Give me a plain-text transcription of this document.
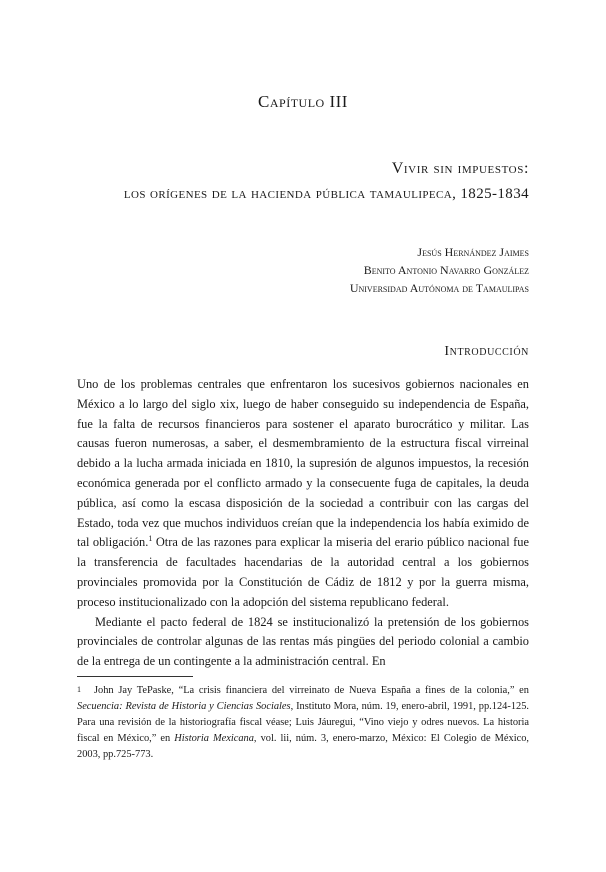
Capítulo III
Vivir sin impuestos:
los orígenes de la hacienda pública tamaulipeca, 1825-1834
Jesús Hernández Jaimes
Benito Antonio Navarro González
Universidad Autónoma de Tamaulipas
Introducción

Uno de los problemas centrales que enfrentaron los sucesivos gobiernos nacionales en México a lo largo del siglo xix, luego de haber conseguido su independencia de España, fue la falta de recursos financieros para sostener el aparato burocrático y militar. Las causas fueron numerosas, a saber, el desmembramiento de la estructura fiscal virreinal debido a la lucha armada iniciada en 1810, la supresión de algunos impuestos, la recesión económica generada por el conflicto armado y la consecuente fuga de capitales, la deuda pública, así como la escasa disposición de la sociedad a contribuir con las cargas del Estado, toda vez que muchos individuos creían que la independencia los había eximido de tal obligación.$^1$ Otra de las razones para explicar la miseria del erario público nacional fue la transferencia de facultades hacendarias de la autoridad central a los gobiernos provinciales promovida por la Constitución de Cádiz de 1812 y por la guerra misma, proceso institucionalizado con la adopción del sistema republicano federal.

Mediante el pacto federal de 1824 se institucionalizó la pretensión de los gobiernos provinciales de controlar algunas de las rentas más pingües del periodo colonial a cambio de la entrega de un contingente a la administración central. En

1 John Jay TePaske, “La crisis financiera del virreinato de Nueva España a fines de la colonia,” en Secuencia: Revista de Historia y Ciencias Sociales, Instituto Mora, núm. 19, enero-abril, 1991, pp.124-125. Para una revisión de la historiografía fiscal véase; Luis Jáuregui, “Vino viejo y odres nuevos. La historia fiscal en México,” en Historia Mexicana, vol. lii, núm. 3, enero-marzo, México: El Colegio de México, 2003, pp.725-773.
